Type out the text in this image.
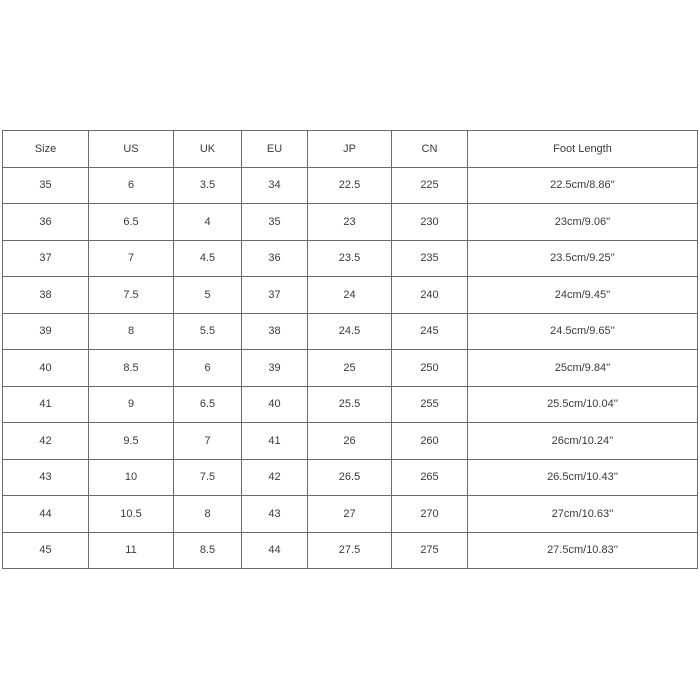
Size	US	UK	EU	JP	CN	Foot Length
35	6	3.5	34	22.5	225	22.5cm/8.86''
36	6.5	4	35	23	230	23cm/9.06''
37	7	4.5	36	23.5	235	23.5cm/9.25''
38	7.5	5	37	24	240	24cm/9.45''
39	8	5.5	38	24.5	245	24.5cm/9.65''
40	8.5	6	39	25	250	25cm/9.84''
41	9	6.5	40	25.5	255	25.5cm/10.04''
42	9.5	7	41	26	260	26cm/10.24''
43	10	7.5	42	26.5	265	26.5cm/10.43''
44	10.5	8	43	27	270	27cm/10.63''
45	11	8.5	44	27.5	275	27.5cm/10.83''
